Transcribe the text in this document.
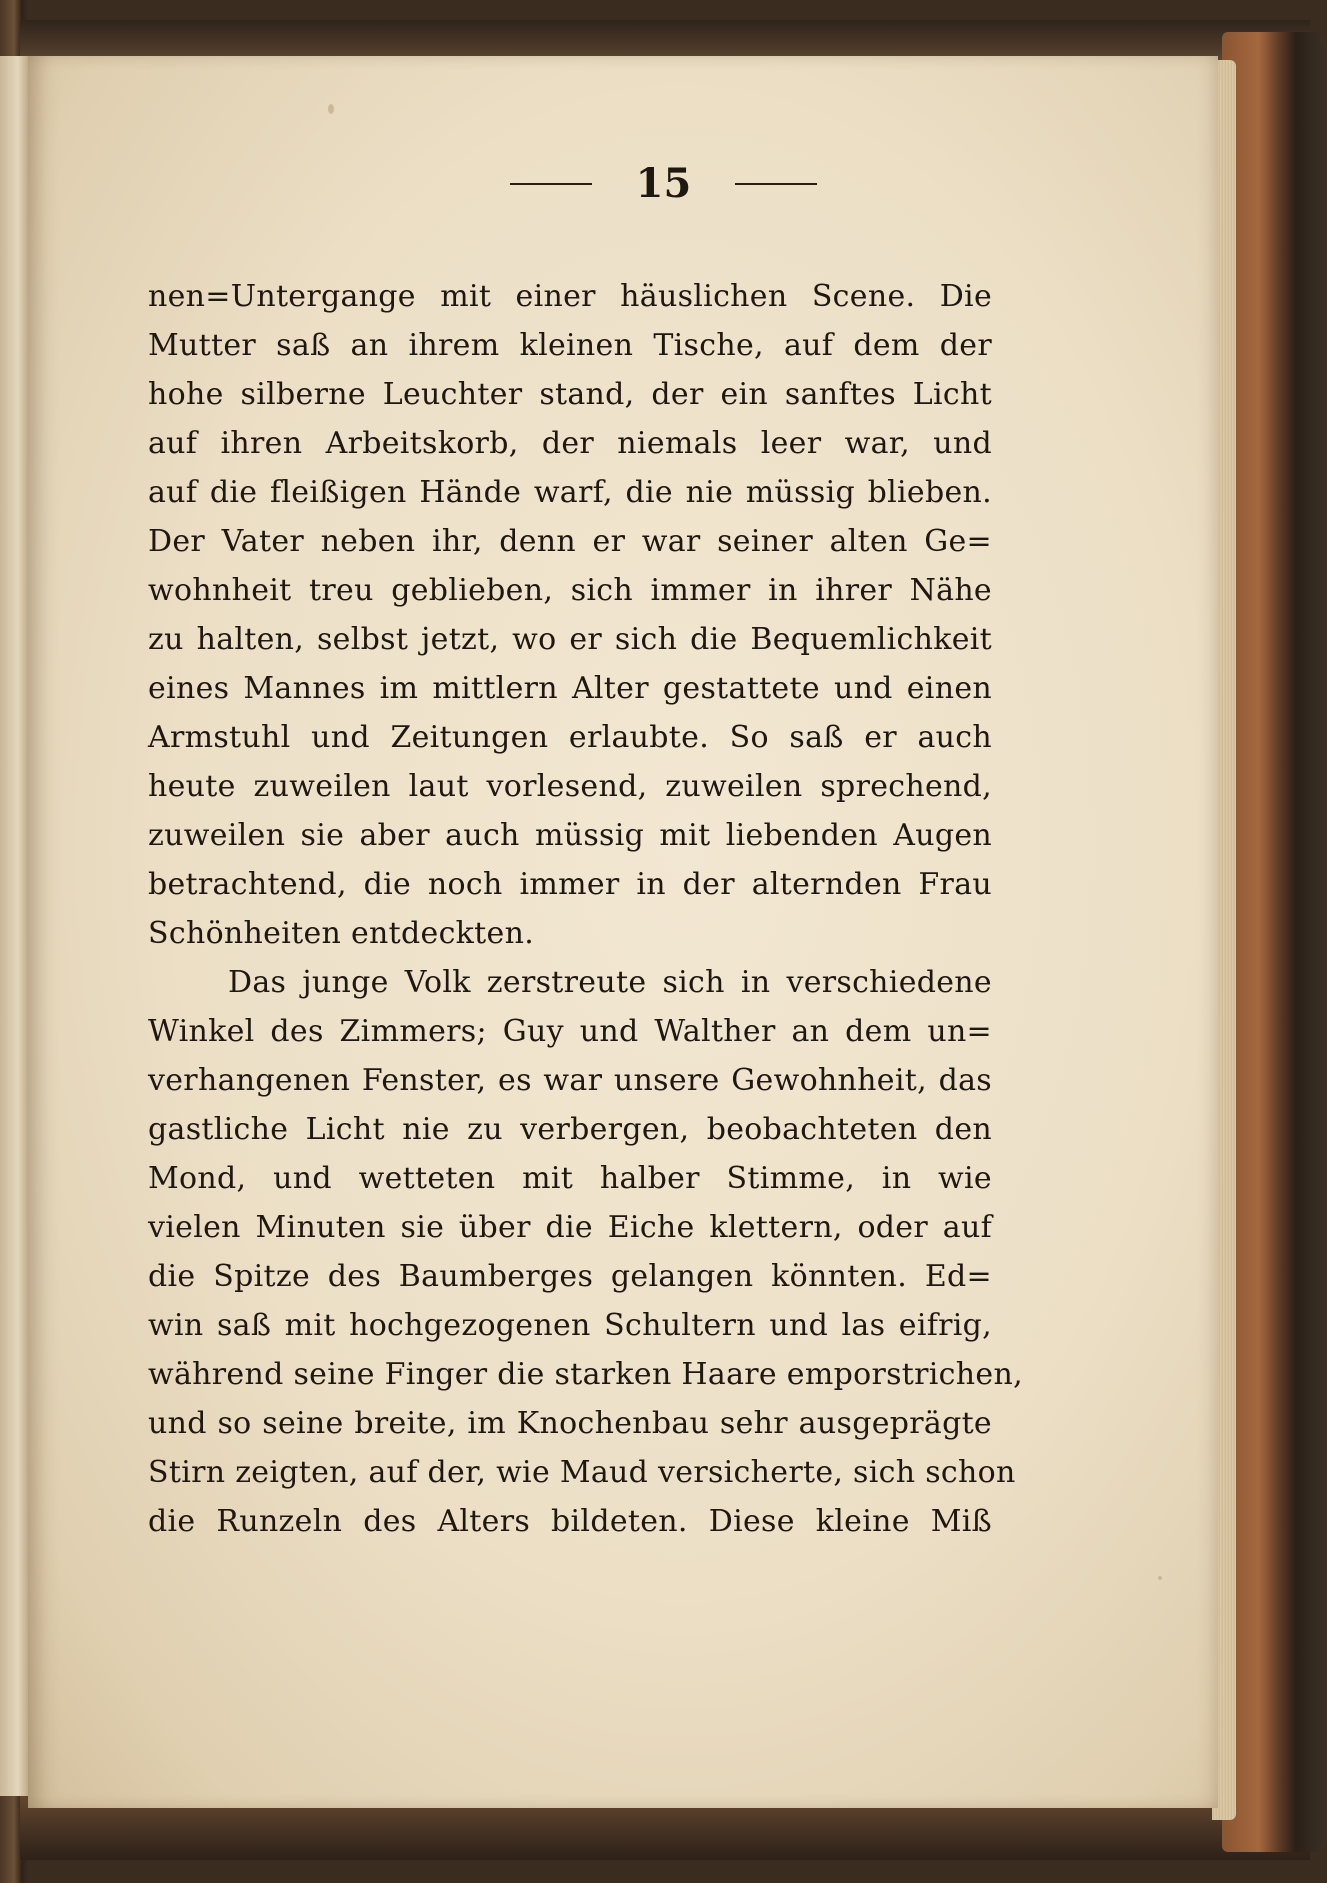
15
nen=Untergange mit einer häuslichen Scene. Die
Mutter saß an ihrem kleinen Tische, auf dem der
hohe silberne Leuchter stand, der ein sanftes Licht
auf ihren Arbeitskorb, der niemals leer war, und
auf die fleißigen Hände warf, die nie müssig blieben.
Der Vater neben ihr, denn er war seiner alten Ge=
wohnheit treu geblieben, sich immer in ihrer Nähe
zu halten, selbst jetzt, wo er sich die Bequemlichkeit
eines Mannes im mittlern Alter gestattete und einen
Armstuhl und Zeitungen erlaubte. So saß er auch
heute zuweilen laut vorlesend, zuweilen sprechend,
zuweilen sie aber auch müssig mit liebenden Augen
betrachtend, die noch immer in der alternden Frau
Schönheiten entdeckten.
Das junge Volk zerstreute sich in verschiedene
Winkel des Zimmers; Guy und Walther an dem un=
verhangenen Fenster, es war unsere Gewohnheit, das
gastliche Licht nie zu verbergen, beobachteten den
Mond, und wetteten mit halber Stimme, in wie
vielen Minuten sie über die Eiche klettern, oder auf
die Spitze des Baumberges gelangen könnten. Ed=
win saß mit hochgezogenen Schultern und las eifrig,
während seine Finger die starken Haare emporstrichen,
und so seine breite, im Knochenbau sehr ausgeprägte
Stirn zeigten, auf der, wie Maud versicherte, sich schon
die Runzeln des Alters bildeten. Diese kleine Miß
